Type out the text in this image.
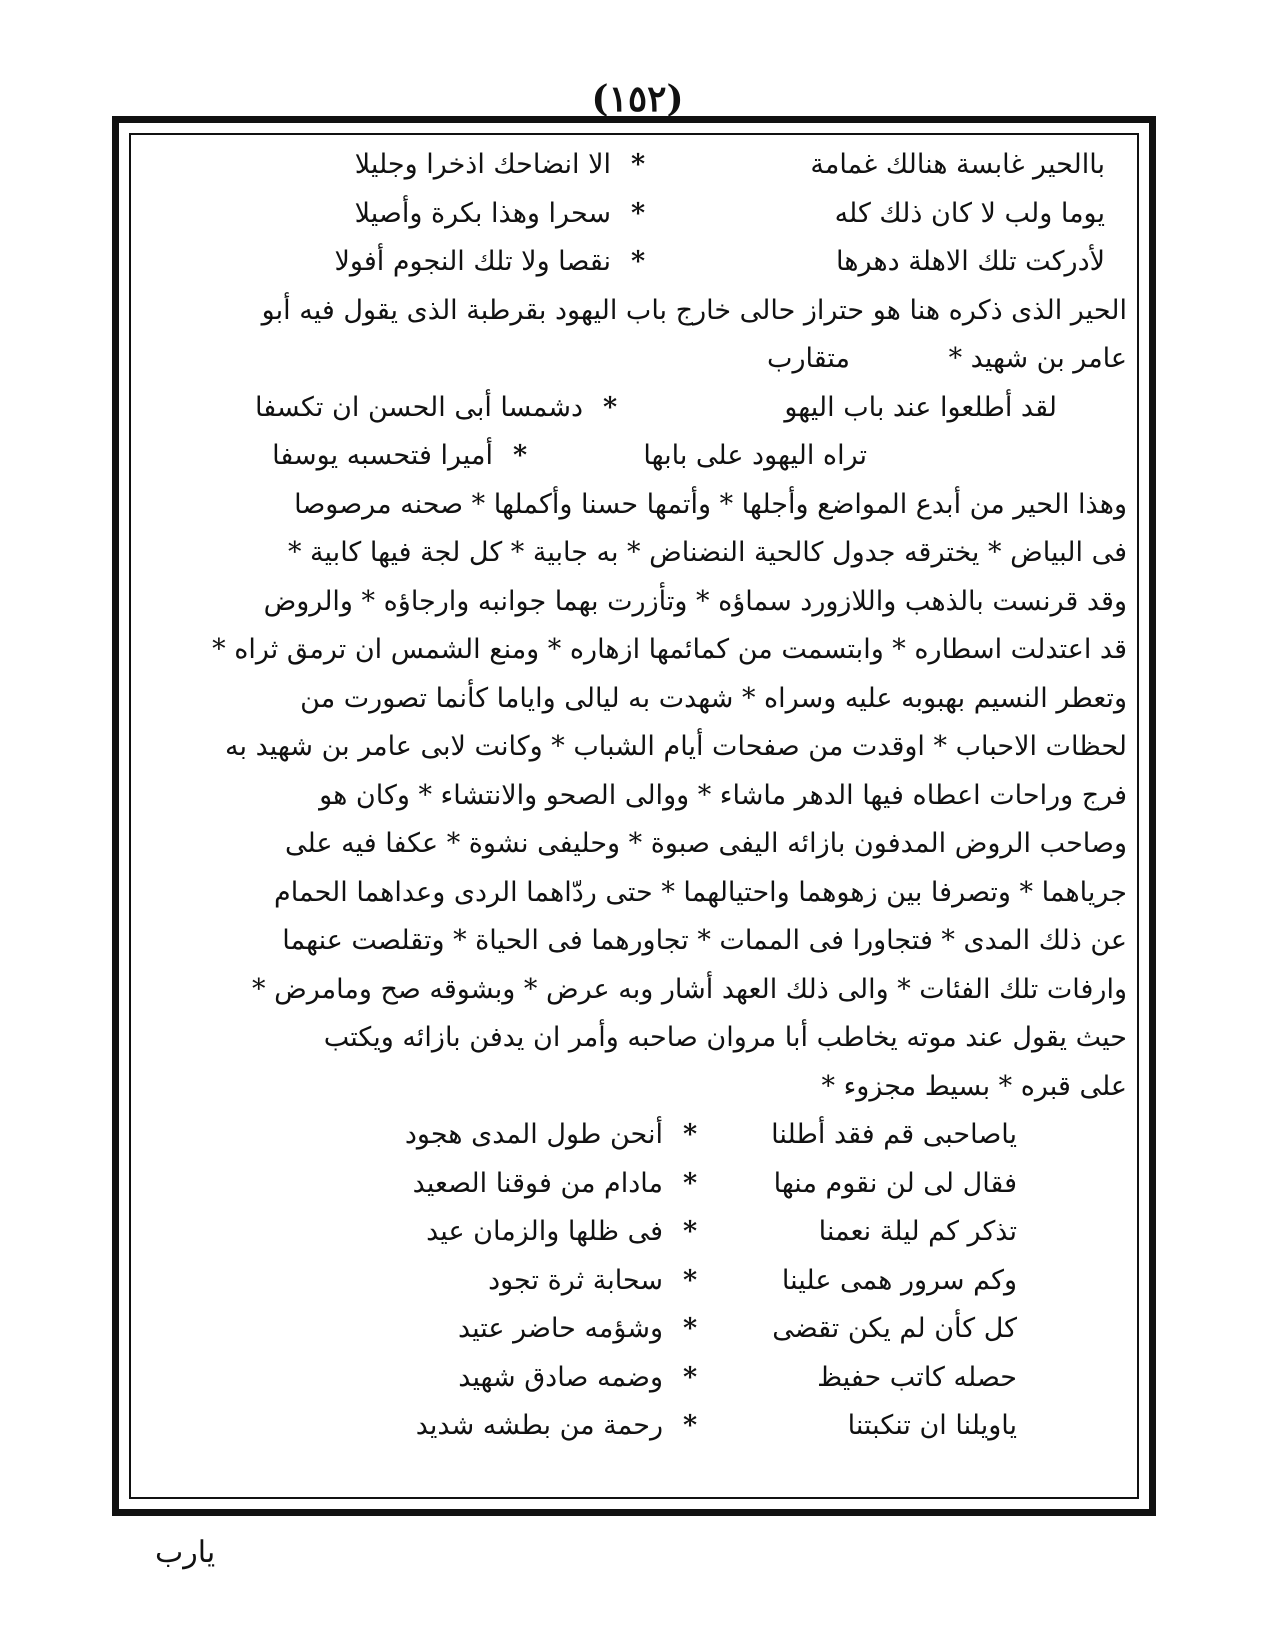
(١٥٢)
باالحير غابسة هنالك غمامة
*
الا انضاحك اذخرا وجليلا
يوما ولب لا كان ذلك كله
*
سحرا وهذا بكرة وأصيلا
لأدركت تلك الاهلة دهرها
*
نقصا ولا تلك النجوم أفولا
الحير الذى ذكره هنا هو حتراز حالى خارج باب اليهود بقرطبة الذى يقول فيه أبو
عامر بن شهيد * متقارب
لقد أطلعوا عند باب اليهو
*
دشمسا أبى الحسن ان تكسفا
تراه اليهود على بابها
*
أميرا فتحسبه يوسفا
وهذا الحير من أبدع المواضع وأجلها * وأتمها حسنا وأكملها * صحنه مرصوصا
فى البياض * يخترقه جدول كالحية النضناض * به جابية * كل لجة فيها كابية *
وقد قرنست بالذهب واللازورد سماؤه * وتأزرت بهما جوانبه وارجاؤه * والروض
قد اعتدلت اسطاره * وابتسمت من كمائمها ازهاره * ومنع الشمس ان ترمق ثراه *
وتعطر النسيم بهبوبه عليه وسراه * شهدت به ليالى واياما كأنما تصورت من
لحظات الاحباب * اوقدت من صفحات أيام الشباب * وكانت لابى عامر بن شهيد به
فرج وراحات اعطاه فيها الدهر ماشاء * ووالى الصحو والانتشاء * وكان هو
وصاحب الروض المدفون بازائه اليفى صبوة * وحليفى نشوة * عكفا فيه على
جرياهما * وتصرفا بين زهوهما واحتيالهما * حتى ردّاهما الردى وعداهما الحمام
عن ذلك المدى * فتجاورا فى الممات * تجاورهما فى الحياة * وتقلصت عنهما
وارفات تلك الفئات * والى ذلك العهد أشار وبه عرض * وبشوقه صح ومامرض *
حيث يقول عند موته يخاطب أبا مروان صاحبه وأمر ان يدفن بازائه ويكتب
على قبره * بسيط مجزوء *
ياصاحبى قم فقد أطلنا
*
أنحن طول المدى هجود
فقال لى لن نقوم منها
*
مادام من فوقنا الصعيد
تذكر كم ليلة نعمنا
*
فى ظلها والزمان عيد
وكم سرور همى علينا
*
سحابة ثرة تجود
كل كأن لم يكن تقضى
*
وشؤمه حاضر عتيد
حصله كاتب حفيظ
*
وضمه صادق شهيد
ياويلنا ان تنكبتنا
*
رحمة من بطشه شديد
يارب
